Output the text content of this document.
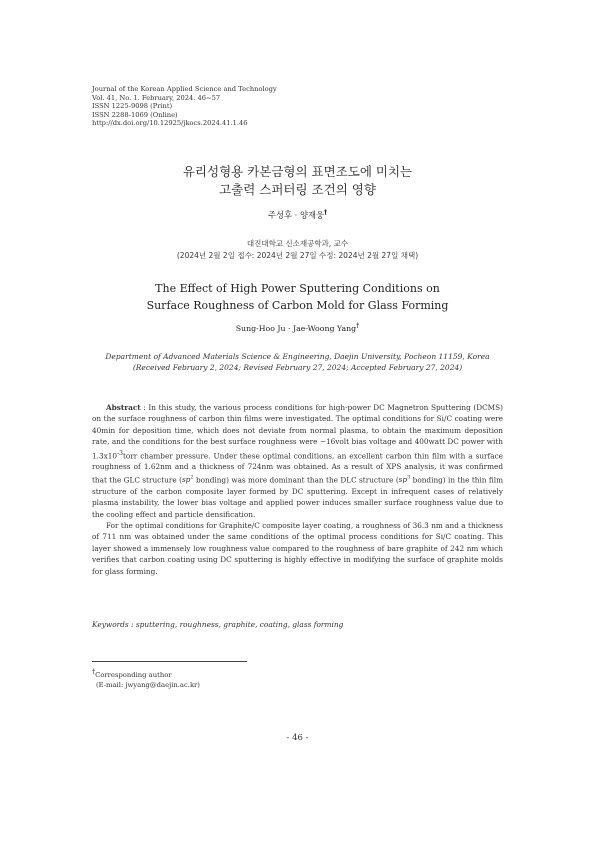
Journal of the Korean Applied Science and Technology
Vol. 41, No. 1. February, 2024. 46~57
ISSN 1225-9098 (Print)
ISSN 2288-1069 (Online)
http://dx.doi.org/10.12925/jkocs.2024.41.1.46
유리성형용 카본금형의 표면조도에 미치는
고출력 스퍼터링 조건의 영향
주성후 · 양재웅†
대진대학교 신소재공학과, 교수
(2024년 2월 2일 접수: 2024년 2월 27일 수정: 2024년 2월 27일 채택)
The Effect of High Power Sputtering Conditions on
Surface Roughness of Carbon Mold for Glass Forming
Sung-Hoo Ju · Jae-Woong Yang†
Department of Advanced Materials Science & Engineering, Daejin University, Pocheon 11159, Korea
(Received February 2, 2024; Revised February 27, 2024; Accepted February 27, 2024)

Abstract : In this study, the various process conditions for high-power DC Magnetron Sputtering (DCMS) on the surface roughness of carbon thin films were investigated. The optimal conditions for Si/C coating were 40min for deposition time, which does not deviate from normal plasma, to obtain the maximum deposition rate, and the conditions for the best surface roughness were −16volt bias voltage and 400watt DC power with $1.3x10^{-3}torr$ chamber pressure. Under these optimal conditions, an excellent carbon thin film with a surface roughness of 1.62nm and a thickness of 724nm was obtained. As a result of XPS analysis, it was confirmed that the GLC structure ($sp^2$ bonding) was more dominant than the DLC structure ($sp^3$ bonding) in the thin film structure of the carbon composite layer formed by DC sputtering. Except in infrequent cases of relatively plasma instability, the lower bias voltage and applied power induces smaller surface roughness value due to the cooling effect and particle densification.

For the optimal conditions for Graphite/C composite layer coating, a roughness of 36.3 nm and a thickness of 711 nm was obtained under the same conditions of the optimal process conditions for Si/C coating. This layer showed a immensely low roughness value compared to the roughness of bare graphite of 242 nm which verifies that carbon coating using DC sputtering is highly effective in modifying the surface of graphite molds for glass forming.

Keywords : sputtering, roughness, graphite, coating, glass forming
†Corresponding author
(E-mail: jwyang@daejin.ac.kr)
- 46 -
